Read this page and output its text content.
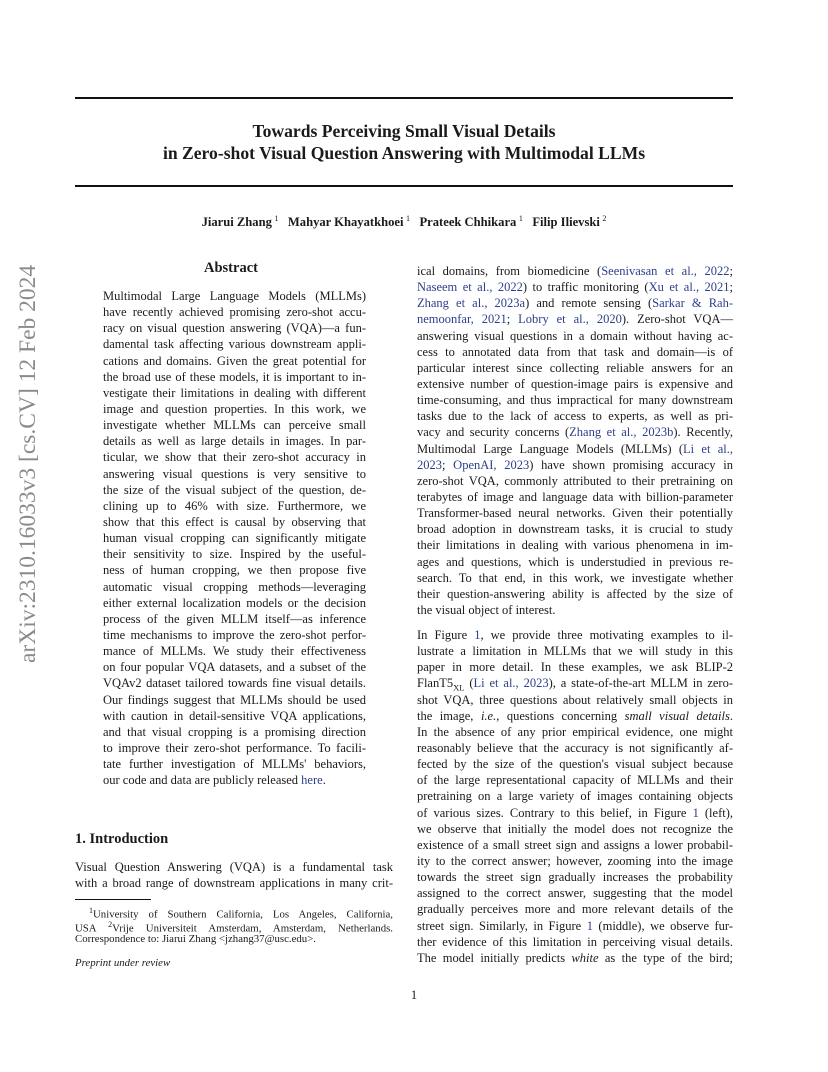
Towards Perceiving Small Visual Details
in Zero-shot Visual Question Answering with Multimodal LLMs
Jiarui Zhang  $^1$ Mahyar Khayatkhoei  $^1$ Prateek Chhikara  $^1$ Filip Ilievski  $^2$
arXiv:2310.16033v3 [cs.CV] 12 Feb 2024	Abstract
Multimodal Large Language Models (MLLMs)
have recently achieved promising zero-shot accu-
racy on visual question answering (VQA)—a fun-
damental task affecting various downstream appli-
cations and domains. Given the great potential for
the broad use of these models, it is important to in-
vestigate their limitations in dealing with different
image and question properties. In this work, we
investigate whether MLLMs can perceive small
details as well as large details in images. In par-
ticular, we show that their zero-shot accuracy in
answering visual questions is very sensitive to
the size of the visual subject of the question, de-
clining up to 46% with size. Furthermore, we
show that this effect is causal by observing that
human visual cropping can significantly mitigate
their sensitivity to size. Inspired by the useful-
ness of human cropping, we then propose five
automatic visual cropping methods—leveraging
either external localization models or the decision
process of the given MLLM itself—as inference
time mechanisms to improve the zero-shot perfor-
mance of MLLMs. We study their effectiveness
on four popular VQA datasets, and a subset of the
VQAv2 dataset tailored towards fine visual details.
Our findings suggest that MLLMs should be used
with caution in detail-sensitive VQA applications,
and that visual cropping is a promising direction
to improve their zero-shot performance. To facili-
tate further investigation of MLLMs' behaviors,
our code and data are publicly released here.
1. Introduction
Visual Question Answering (VQA) is a fundamental task
with a broad range of downstream applications in many crit-
$^1$University of Southern California, Los Angeles, California,
USA $^2$Vrije Universiteit Amsterdam, Amsterdam, Netherlands.
Correspondence to: Jiarui Zhang <jzhang37@usc.edu>.
Preprint under review
ical domains, from biomedicine (Seenivasan et al., 2022;
Naseem et al., 2022) to traffic monitoring (Xu et al., 2021;
Zhang et al., 2023a) and remote sensing (Sarkar & Rah-
nemoonfar, 2021; Lobry et al., 2020). Zero-shot VQA—
answering visual questions in a domain without having ac-
cess to annotated data from that task and domain—is of
particular interest since collecting reliable answers for an
extensive number of question-image pairs is expensive and
time-consuming, and thus impractical for many downstream
tasks due to the lack of access to experts, as well as pri-
vacy and security concerns (Zhang et al., 2023b). Recently,
Multimodal Large Language Models (MLLMs) (Li et al.,
2023; OpenAI, 2023) have shown promising accuracy in
zero-shot VQA, commonly attributed to their pretraining on
terabytes of image and language data with billion-parameter
Transformer-based neural networks. Given their potentially
broad adoption in downstream tasks, it is crucial to study
their limitations in dealing with various phenomena in im-
ages and questions, which is understudied in previous re-
search. To that end, in this work, we investigate whether
their question-answering ability is affected by the size of
the visual object of interest.
In Figure 1, we provide three motivating examples to il-
lustrate a limitation in MLLMs that we will study in this
paper in more detail. In these examples, we ask BLIP-2
$FlanT5_{XL}$ (Li et al., 2023), a state-of-the-art MLLM in zero-
shot VQA, three questions about relatively small objects in
the image, i.e., questions concerning small visual details.
In the absence of any prior empirical evidence, one might
reasonably believe that the accuracy is not significantly af-
fected by the size of the question's visual subject because
of the large representational capacity of MLLMs and their
pretraining on a large variety of images containing objects
of various sizes. Contrary to this belief, in Figure 1 (left),
we observe that initially the model does not recognize the
existence of a small street sign and assigns a lower probabil-
ity to the correct answer; however, zooming into the image
towards the street sign gradually increases the probability
assigned to the correct answer, suggesting that the model
gradually perceives more and more relevant details of the
street sign. Similarly, in Figure 1 (middle), we observe fur-
ther evidence of this limitation in perceiving visual details.
The model initially predicts white as the type of the bird;
1
